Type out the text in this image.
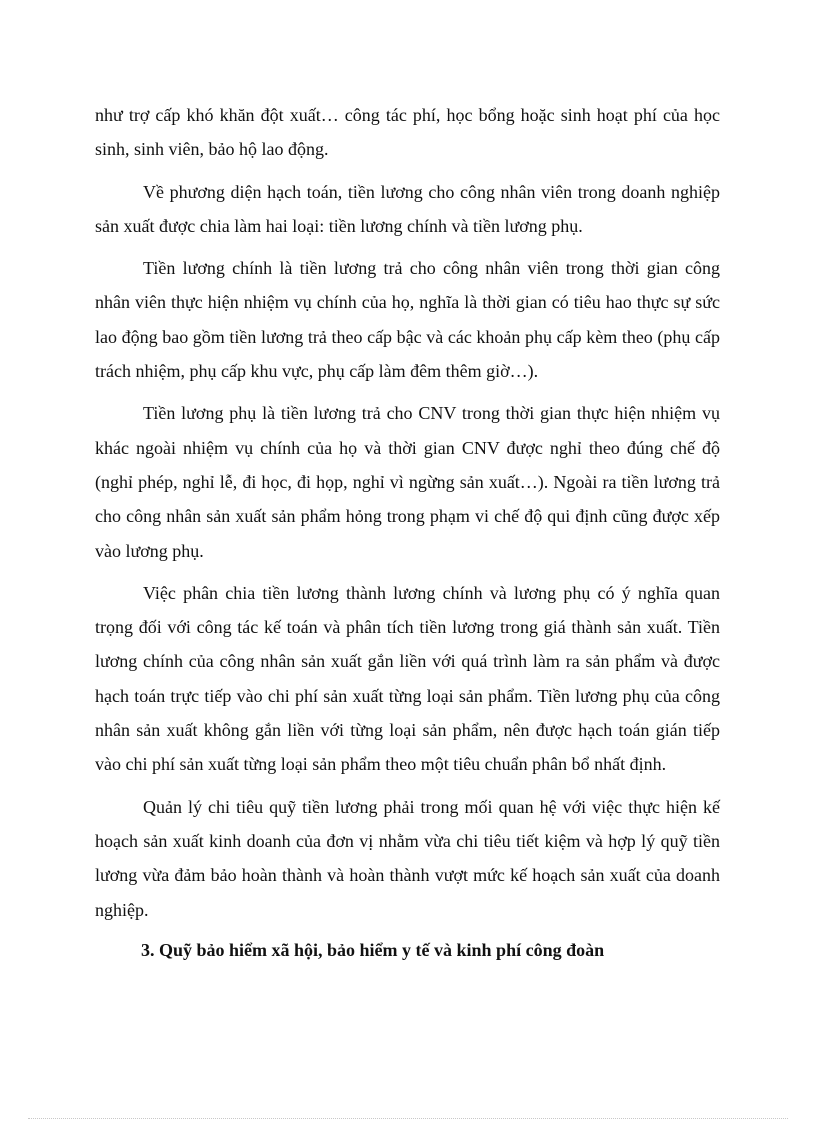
như trợ cấp khó khăn đột xuất… công tác phí, học bổng hoặc sinh hoạt phí của học sinh, sinh viên, bảo hộ lao động.

Về phương diện hạch toán, tiền lương cho công nhân viên trong doanh nghiệp sản xuất được chia làm hai loại: tiền lương chính và tiền lương phụ.

Tiền lương chính là tiền lương trả cho công nhân viên trong thời gian công nhân viên thực hiện nhiệm vụ chính của họ, nghĩa là thời gian có tiêu hao thực sự sức lao động bao gồm tiền lương trả theo cấp bậc và các khoản phụ cấp kèm theo (phụ cấp trách nhiệm, phụ cấp khu vực, phụ cấp làm đêm thêm giờ…).

Tiền lương phụ là tiền lương trả cho CNV trong thời gian thực hiện nhiệm vụ khác ngoài nhiệm vụ chính của họ và thời gian CNV được nghỉ theo đúng chế độ (nghỉ phép, nghỉ lễ, đi học, đi họp, nghỉ vì ngừng sản xuất…). Ngoài ra tiền lương trả cho công nhân sản xuất sản phẩm hỏng trong phạm vi chế độ qui định cũng được xếp vào lương phụ.

Việc phân chia tiền lương thành lương chính và lương phụ có ý nghĩa quan trọng đối với công tác kế toán và phân tích tiền lương trong giá thành sản xuất. Tiền lương chính của công nhân sản xuất gắn liền với quá trình làm ra sản phẩm và được hạch toán trực tiếp vào chi phí sản xuất từng loại sản phẩm. Tiền lương phụ của công nhân sản xuất không gắn liền với từng loại sản phẩm, nên được hạch toán gián tiếp vào chi phí sản xuất từng loại sản phẩm theo một tiêu chuẩn phân bổ nhất định.

Quản lý chi tiêu quỹ tiền lương phải trong mối quan hệ với việc thực hiện kế hoạch sản xuất kinh doanh của đơn vị nhằm vừa chi tiêu tiết kiệm và hợp lý quỹ tiền lương vừa đảm bảo hoàn thành và hoàn thành vượt mức kế hoạch sản xuất của doanh nghiệp.

3. Quỹ bảo hiểm xã hội, bảo hiểm y tế và kinh phí công đoàn
